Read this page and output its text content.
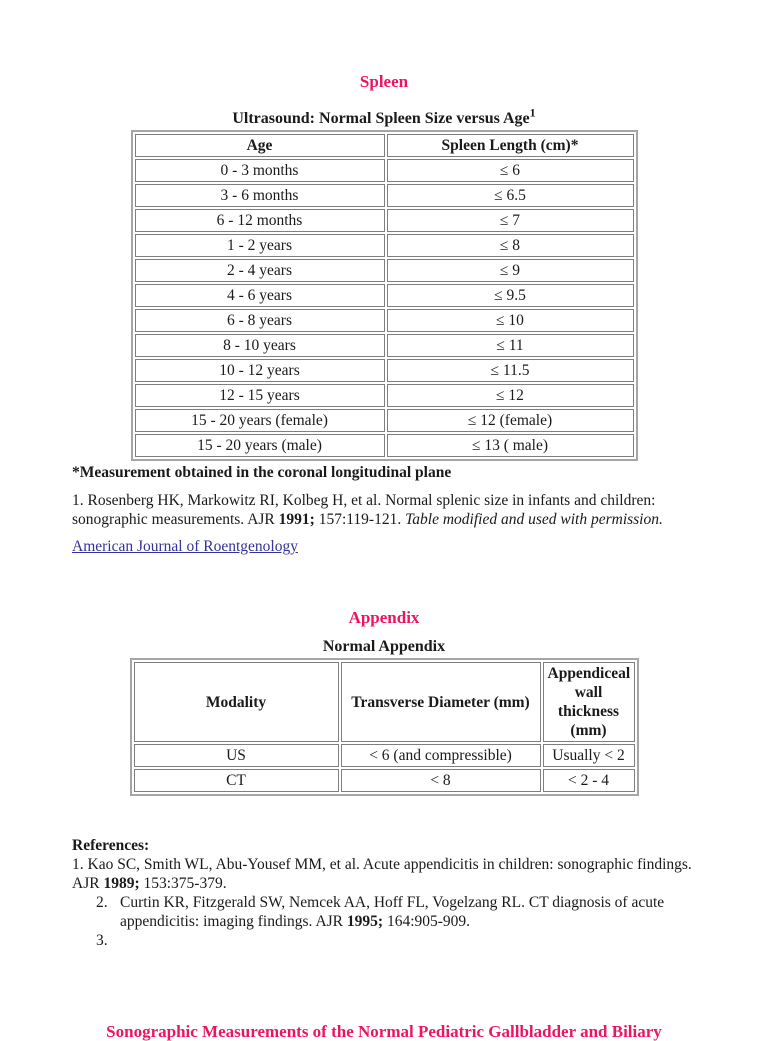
Spleen
Ultrasound: Normal Spleen Size versus Age$^1$
Age	Spleen Length (cm)*
0 - 3 months	≤ 6
3 - 6 months	≤ 6.5
6 - 12 months	≤ 7
1 - 2 years	≤ 8
2 - 4 years	≤ 9
4 - 6 years	≤ 9.5
6 - 8 years	≤ 10
8 - 10 years	≤ 11
10 - 12 years	≤ 11.5
12 - 15 years	≤ 12
15 - 20 years (female)	≤ 12 (female)
15 - 20 years (male)	≤ 13 ( male)

*Measurement obtained in the coronal longitudinal plane

1. Rosenberg HK, Markowitz RI, Kolbeg H, et al. Normal splenic size in infants and children: sonographic measurements. AJR 1991; 157:119-121. Table modified and used with permission.

American Journal of Roentgenology

Appendix
Normal Appendix
Modality	Transverse Diameter (mm)	Appendiceal wall thickness (mm)
US	< 6 (and compressible)	Usually < 2
CT	< 8	< 2 - 4

References:

1. Kao SC, Smith WL, Abu-Yousef MM, et al. Acute appendicitis in children: sonographic findings. AJR 1989; 153:375-379.

2. Curtin KR, Fitzgerald SW, Nemcek AA, Hoff FL, Vogelzang RL. CT diagnosis of acute appendicitis: imaging findings. AJR 1995; 164:905-909.
3.
Sonographic Measurements of the Normal Pediatric Gallbladder and Biliary
